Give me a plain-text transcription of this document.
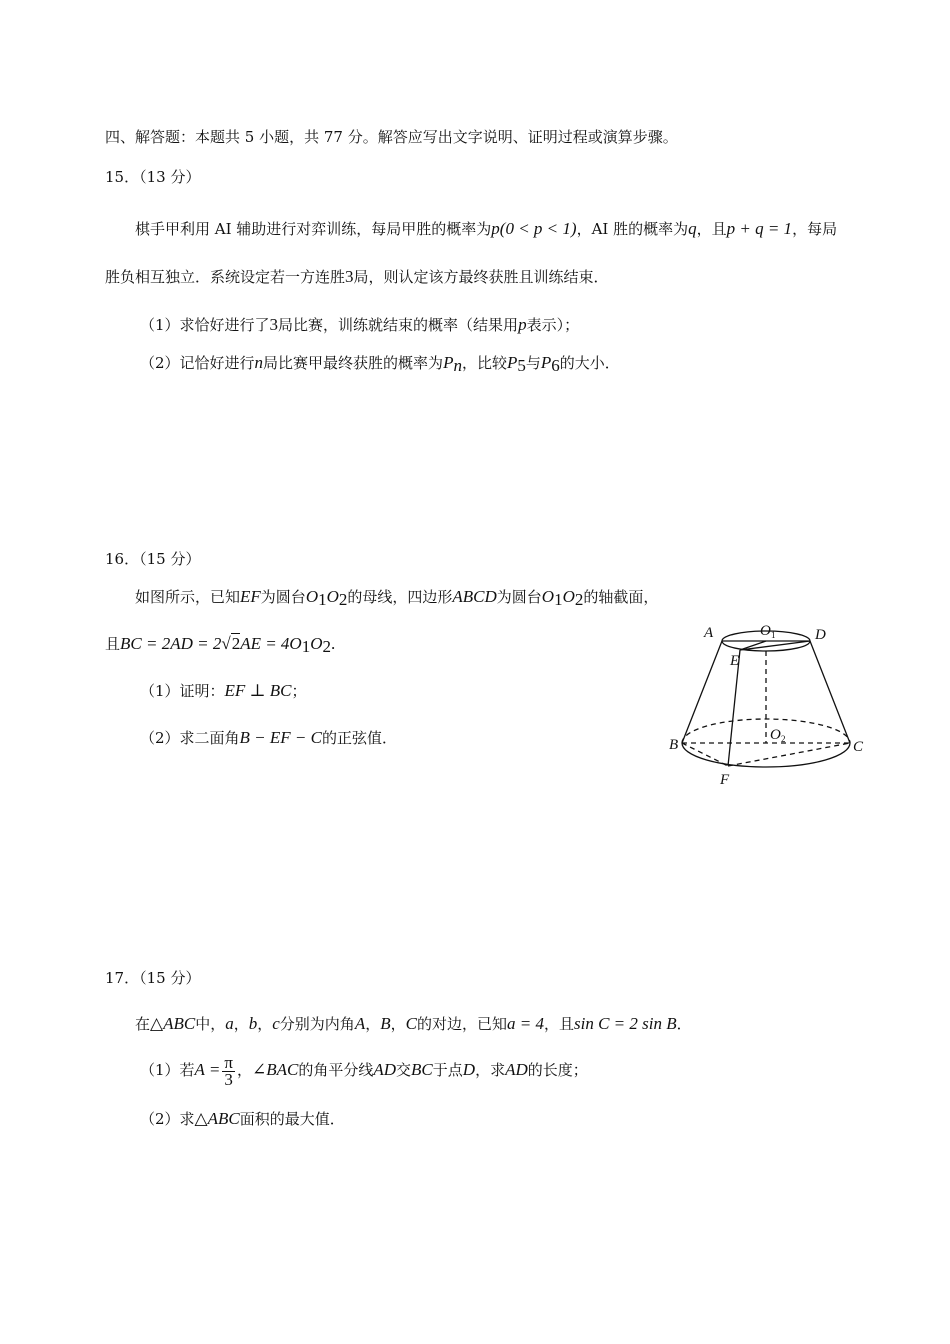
四、解答题：本题共 5 小题，共 77 分。解答应写出文字说明、证明过程或演算步骤。
15．（13 分）
棋手甲利用 AI 辅助进行对弈训练，每局甲胜的概率为p(0 < p < 1)，AI 胜的概率为q，且p + q = 1，每局
胜负相互独立．系统设定若一方连胜3局，则认定该方最终获胜且训练结束．
（1）求恰好进行了3局比赛，训练就结束的概率（结果用p表示）；
（2）记恰好进行n局比赛甲最终获胜的概率为$P_n$，比较$P_5$与$P_6$的大小．
16．（15 分）
如图所示，已知EF为圆台$O_1O_2$的母线，四边形ABCD为圆台$O_1O_2$的轴截面，
且BC = $2AD = 2√2AE = 4O_1O_2$.
（1）证明：EF ⊥ BC；
（2）求二面角B − EF − C的正弦值．
A	D
O 1
E
B	C
O 2
F
17．（15 分）
在△ABC中，a，b，c分别为内角A，B，C的对边，已知a = 4，且sin C = 2 sin B．
（1）若$A = \frac{\pi}{3}$ ，∠BAC的角平分线AD交BC于点D，求AD的长度；
（2）求△ABC面积的最大值．
